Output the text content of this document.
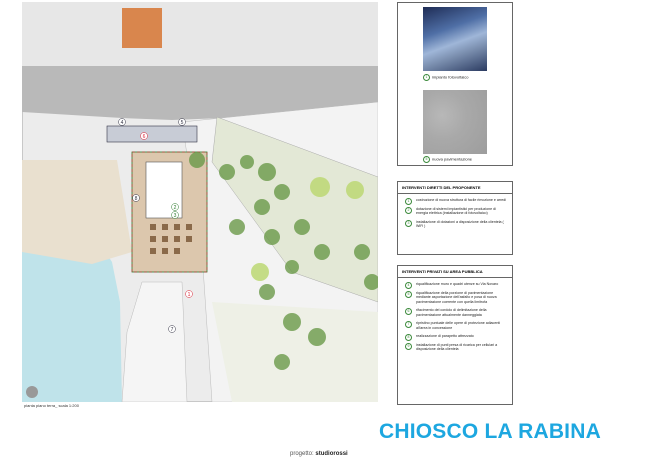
4	5
6
1
2
3
7
8
pianta piano terra_ scala 1:200
1 impianto fotovoltaico
5 nuova pavimentazione
INTERVENTI DIRETTI DEL PROPONENTE
1	costruzione di nuova struttura di facile rimozione e arredi
2	dotazione di sistemi impiantistici per produzione di energia elettrica (installazione di fotovoltaico)
3	installazione di dotazioni a disposizione della clientela ( WiFi )
INTERVENTI PRIVATI SU AREA PUBBLICA
4	riqualificazione muro e quadri utenze su Via Novaro
5	riqualificazione della porzione di pavimentazione mediante asportazione dell'asfalto e posa di nuova pavimentazione coerente con quella limitrofa
6	rifacimento del cordolo di delimitazione della pavimentazione attualmente danneggiata
7	ripristino puntuale delle opere di protezione adiacenti all'area in concessione
8	realizzazione di parapetto attrezzato
9	installazione di punti presa di ricarica per cellulari a disposizione della clientela
CHIOSCO LA RABINA
progetto: studiorossi
